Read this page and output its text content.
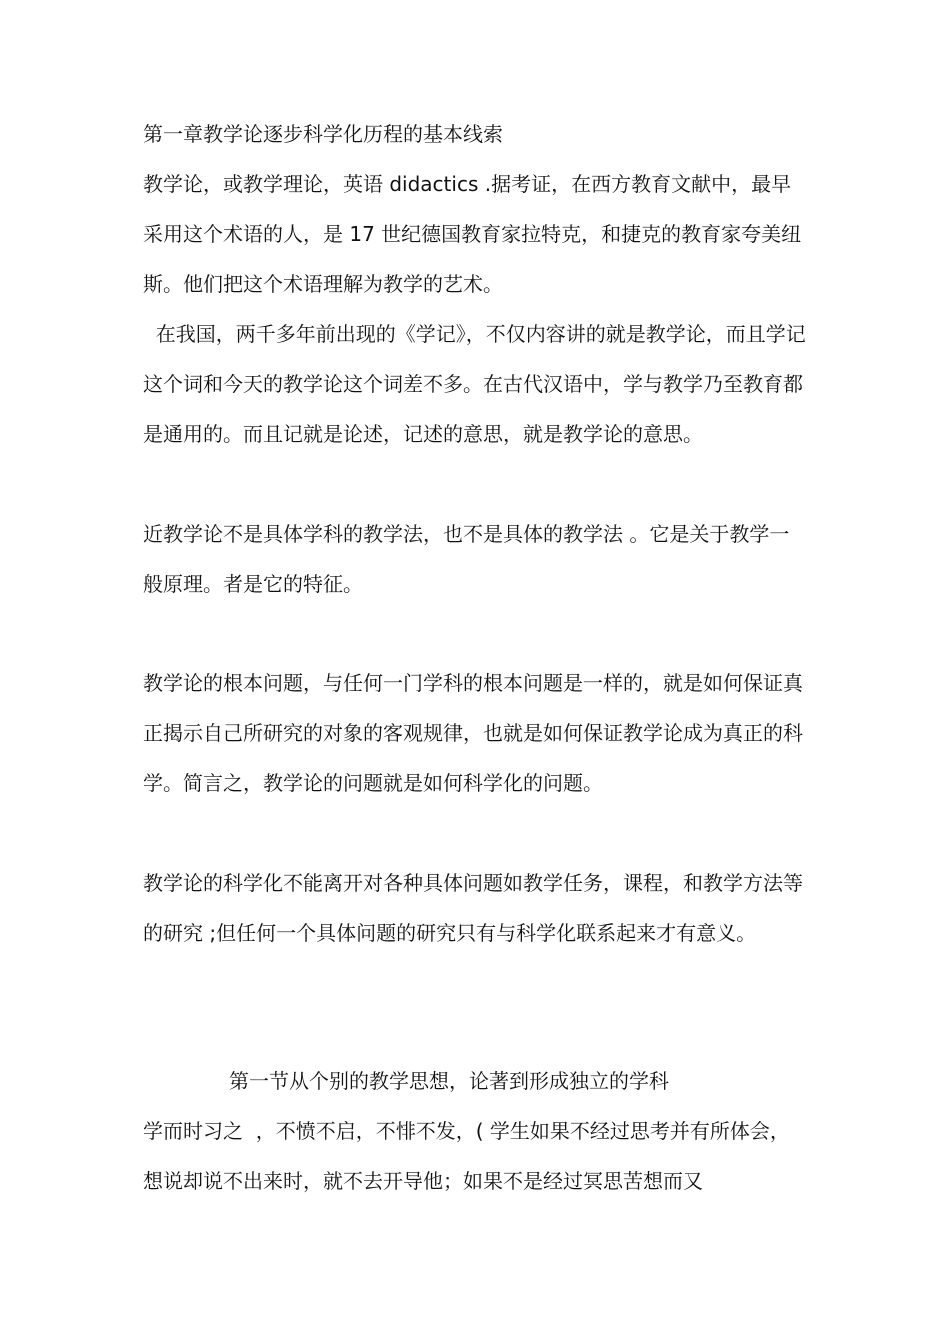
第一章教学论逐步科学化历程的基本线索

教学论，或教学理论，英语 didactics .据考证，在西方教育文献中，最早采用这个术语的人，是 17 世纪德国教育家拉特克，和捷克的教育家夸美纽斯。他们把这个术语理解为教学的艺术。

在我国，两千多年前出现的《学记》，不仅内容讲的就是教学论，而且学记这个词和今天的教学论这个词差不多。在古代汉语中，学与教学乃至教育都是通用的。而且记就是论述，记述的意思，就是教学论的意思。

近教学论不是具体学科的教学法，也不是具体的教学法 。它是关于教学一般原理。者是它的特征。

教学论的根本问题，与任何一门学科的根本问题是一样的，就是如何保证真正揭示自己所研究的对象的客观规律，也就是如何保证教学论成为真正的科学。简言之，教学论的问题就是如何科学化的问题。

教学论的科学化不能离开对各种具体问题如教学任务，课程，和教学方法等的研究 ;但任何一个具体问题的研究只有与科学化联系起来才有意义。

第一节从个别的教学思想，论著到形成独立的学科

学而时习之  ，不愤不启，不悱不发，( 学生如果不经过思考并有所体会，想说却说不出来时，就不去开导他；如果不是经过冥思苦想而又
